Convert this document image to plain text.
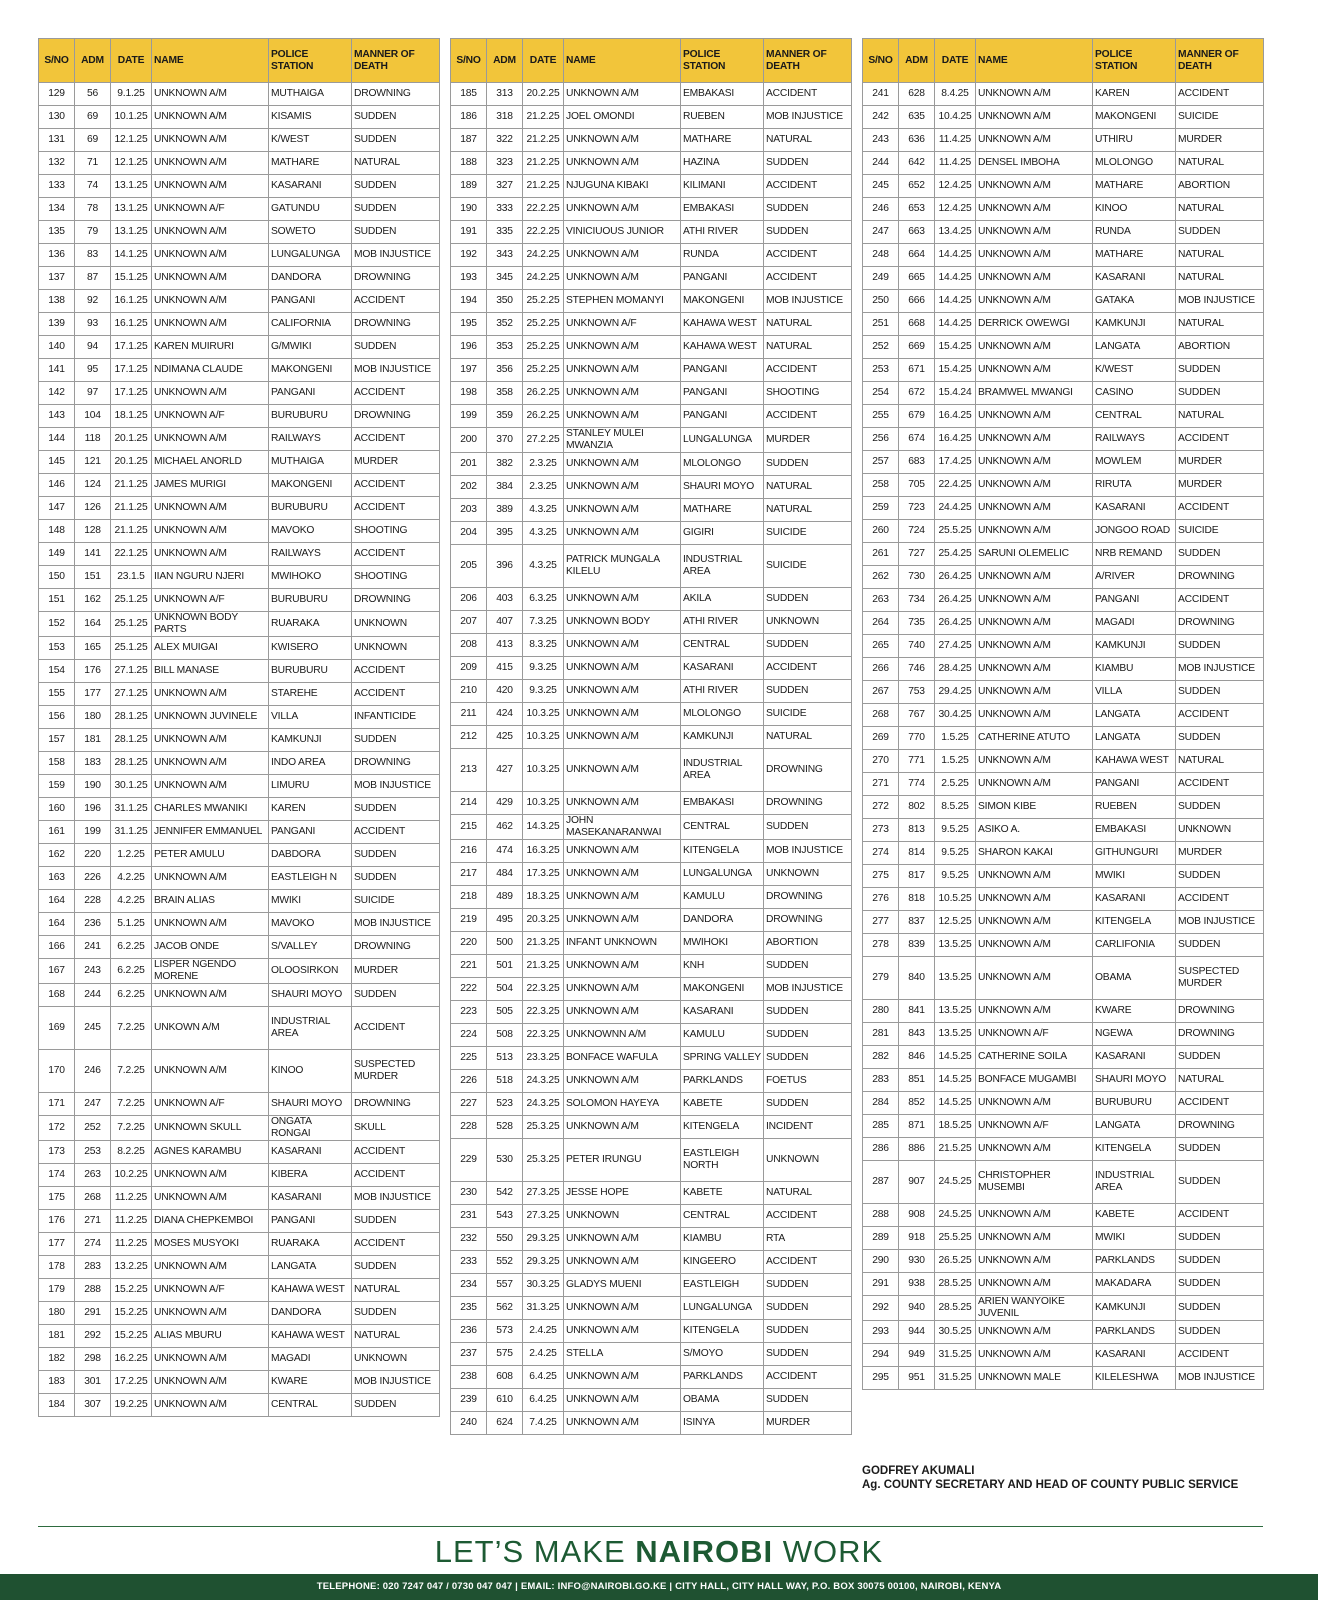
S/NO	ADM	DATE	NAME	POLICE STATION	MANNER OF DEATH
129	56	9.1.25	UNKNOWN A/M	MUTHAIGA	DROWNING
130	69	10.1.25	UNKNOWN A/M	KISAMIS	SUDDEN
131	69	12.1.25	UNKNOWN A/M	K/WEST	SUDDEN
132	71	12.1.25	UNKNOWN A/M	MATHARE	NATURAL
133	74	13.1.25	UNKNOWN A/M	KASARANI	SUDDEN
134	78	13.1.25	UNKNOWN A/F	GATUNDU	SUDDEN
135	79	13.1.25	UNKNOWN A/M	SOWETO	SUDDEN
136	83	14.1.25	UNKNOWN A/M	LUNGALUNGA	MOB INJUSTICE
137	87	15.1.25	UNKNOWN A/M	DANDORA	DROWNING
138	92	16.1.25	UNKNOWN A/M	PANGANI	ACCIDENT
139	93	16.1.25	UNKNOWN A/M	CALIFORNIA	DROWNING
140	94	17.1.25	KAREN MUIRURI	G/MWIKI	SUDDEN
141	95	17.1.25	NDIMANA CLAUDE	MAKONGENI	MOB INJUSTICE
142	97	17.1.25	UNKNOWN A/M	PANGANI	ACCIDENT
143	104	18.1.25	UNKNOWN A/F	BURUBURU	DROWNING
144	118	20.1.25	UNKNOWN A/M	RAILWAYS	ACCIDENT
145	121	20.1.25	MICHAEL ANORLD	MUTHAIGA	MURDER
146	124	21.1.25	JAMES MURIGI	MAKONGENI	ACCIDENT
147	126	21.1.25	UNKNOWN A/M	BURUBURU	ACCIDENT
148	128	21.1.25	UNKNOWN A/M	MAVOKO	SHOOTING
149	141	22.1.25	UNKNOWN A/M	RAILWAYS	ACCIDENT
150	151	23.1.5	IIAN NGURU NJERI	MWIHOKO	SHOOTING
151	162	25.1.25	UNKNOWN A/F	BURUBURU	DROWNING
152	164	25.1.25	UNKNOWN BODY PARTS	RUARAKA	UNKNOWN
153	165	25.1.25	ALEX MUIGAI	KWISERO	UNKNOWN
154	176	27.1.25	BILL MANASE	BURUBURU	ACCIDENT
155	177	27.1.25	UNKNOWN A/M	STAREHE	ACCIDENT
156	180	28.1.25	UNKNOWN JUVINELE	VILLA	INFANTICIDE
157	181	28.1.25	UNKNOWN A/M	KAMKUNJI	SUDDEN
158	183	28.1.25	UNKNOWN A/M	INDO AREA	DROWNING
159	190	30.1.25	UNKNOWN A/M	LIMURU	MOB INJUSTICE
160	196	31.1.25	CHARLES MWANIKI	KAREN	SUDDEN
161	199	31.1.25	JENNIFER EMMANUEL	PANGANI	ACCIDENT
162	220	1.2.25	PETER AMULU	DABDORA	SUDDEN
163	226	4.2.25	UNKNOWN A/M	EASTLEIGH N	SUDDEN
164	228	4.2.25	BRAIN ALIAS	MWIKI	SUICIDE
164	236	5.1.25	UNKNOWN A/M	MAVOKO	MOB INJUSTICE
166	241	6.2.25	JACOB ONDE	S/VALLEY	DROWNING
167	243	6.2.25	LISPER NGENDO MORENE	OLOOSIRKON	MURDER
168	244	6.2.25	UNKNOWN A/M	SHAURI MOYO	SUDDEN
169	245	7.2.25	UNKOWN A/M	INDUSTRIAL AREA	ACCIDENT
170	246	7.2.25	UNKNOWN A/M	KINOO	SUSPECTED MURDER
171	247	7.2.25	UNKNOWN A/F	SHAURI MOYO	DROWNING
172	252	7.2.25	UNKNOWN SKULL	ONGATA RONGAI	SKULL
173	253	8.2.25	AGNES KARAMBU	KASARANI	ACCIDENT
174	263	10.2.25	UNKNOWN A/M	KIBERA	ACCIDENT
175	268	11.2.25	UNKNOWN A/M	KASARANI	MOB INJUSTICE
176	271	11.2.25	DIANA CHEPKEMBOI	PANGANI	SUDDEN
177	274	11.2.25	MOSES MUSYOKI	RUARAKA	ACCIDENT
178	283	13.2.25	UNKNOWN A/M	LANGATA	SUDDEN
179	288	15.2.25	UNKNOWN A/F	KAHAWA WEST	NATURAL
180	291	15.2.25	UNKNOWN A/M	DANDORA	SUDDEN
181	292	15.2.25	ALIAS MBURU	KAHAWA WEST	NATURAL
182	298	16.2.25	UNKNOWN A/M	MAGADI	UNKNOWN
183	301	17.2.25	UNKNOWN A/M	KWARE	MOB INJUSTICE
184	307	19.2.25	UNKNOWN A/M	CENTRAL	SUDDEN
S/NO	ADM	DATE	NAME	POLICE STATION	MANNER OF DEATH
185	313	20.2.25	UNKNOWN A/M	EMBAKASI	ACCIDENT
186	318	21.2.25	JOEL OMONDI	RUEBEN	MOB INJUSTICE
187	322	21.2.25	UNKNOWN A/M	MATHARE	NATURAL
188	323	21.2.25	UNKNOWN A/M	HAZINA	SUDDEN
189	327	21.2.25	NJUGUNA KIBAKI	KILIMANI	ACCIDENT
190	333	22.2.25	UNKNOWN A/M	EMBAKASI	SUDDEN
191	335	22.2.25	VINICIUOUS JUNIOR	ATHI RIVER	SUDDEN
192	343	24.2.25	UNKNOWN A/M	RUNDA	ACCIDENT
193	345	24.2.25	UNKNOWN A/M	PANGANI	ACCIDENT
194	350	25.2.25	STEPHEN MOMANYI	MAKONGENI	MOB INJUSTICE
195	352	25.2.25	UNKNOWN A/F	KAHAWA WEST	NATURAL
196	353	25.2.25	UNKNOWN A/M	KAHAWA WEST	NATURAL
197	356	25.2.25	UNKNOWN A/M	PANGANI	ACCIDENT
198	358	26.2.25	UNKNOWN A/M	PANGANI	SHOOTING
199	359	26.2.25	UNKNOWN A/M	PANGANI	ACCIDENT
200	370	27.2.25	STANLEY MULEI MWANZIA	LUNGALUNGA	MURDER
201	382	2.3.25	UNKNOWN A/M	MLOLONGO	SUDDEN
202	384	2.3.25	UNKNOWN A/M	SHAURI MOYO	NATURAL
203	389	4.3.25	UNKNOWN A/M	MATHARE	NATURAL
204	395	4.3.25	UNKNOWN A/M	GIGIRI	SUICIDE
205	396	4.3.25	PATRICK MUNGALA KILELU	INDUSTRIAL AREA	SUICIDE
206	403	6.3.25	UNKNOWN A/M	AKILA	SUDDEN
207	407	7.3.25	UNKNOWN BODY	ATHI RIVER	UNKNOWN
208	413	8.3.25	UNKNOWN A/M	CENTRAL	SUDDEN
209	415	9.3.25	UNKNOWN A/M	KASARANI	ACCIDENT
210	420	9.3.25	UNKNOWN A/M	ATHI RIVER	SUDDEN
211	424	10.3.25	UNKNOWN A/M	MLOLONGO	SUICIDE
212	425	10.3.25	UNKNOWN A/M	KAMKUNJI	NATURAL
213	427	10.3.25	UNKNOWN A/M	INDUSTRIAL AREA	DROWNING
214	429	10.3.25	UNKNOWN A/M	EMBAKASI	DROWNING
215	462	14.3.25	JOHN MASEKANARANWAI	CENTRAL	SUDDEN
216	474	16.3.25	UNKNOWN A/M	KITENGELA	MOB INJUSTICE
217	484	17.3.25	UNKNOWN A/M	LUNGALUNGA	UNKNOWN
218	489	18.3.25	UNKNOWN A/M	KAMULU	DROWNING
219	495	20.3.25	UNKNOWN A/M	DANDORA	DROWNING
220	500	21.3.25	INFANT UNKNOWN	MWIHOKI	ABORTION
221	501	21.3.25	UNKNOWN A/M	KNH	SUDDEN
222	504	22.3.25	UNKNOWN A/M	MAKONGENI	MOB INJUSTICE
223	505	22.3.25	UNKNOWN A/M	KASARANI	SUDDEN
224	508	22.3.25	UNKNOWNN A/M	KAMULU	SUDDEN
225	513	23.3.25	BONFACE WAFULA	SPRING VALLEY	SUDDEN
226	518	24.3.25	UNKNOWN A/M	PARKLANDS	FOETUS
227	523	24.3.25	SOLOMON HAYEYA	KABETE	SUDDEN
228	528	25.3.25	UNKNOWN A/M	KITENGELA	INCIDENT
229	530	25.3.25	PETER IRUNGU	EASTLEIGH NORTH	UNKNOWN
230	542	27.3.25	JESSE HOPE	KABETE	NATURAL
231	543	27.3.25	UNKNOWN	CENTRAL	ACCIDENT
232	550	29.3.25	UNKNOWN A/M	KIAMBU	RTA
233	552	29.3.25	UNKNOWN A/M	KINGEERO	ACCIDENT
234	557	30.3.25	GLADYS MUENI	EASTLEIGH	SUDDEN
235	562	31.3.25	UNKNOWN A/M	LUNGALUNGA	SUDDEN
236	573	2.4.25	UNKNOWN A/M	KITENGELA	SUDDEN
237	575	2.4.25	STELLA	S/MOYO	SUDDEN
238	608	6.4.25	UNKNOWN A/M	PARKLANDS	ACCIDENT
239	610	6.4.25	UNKNOWN A/M	OBAMA	SUDDEN
240	624	7.4.25	UNKNOWN A/M	ISINYA	MURDER
S/NO	ADM	DATE	NAME	POLICE STATION	MANNER OF DEATH
241	628	8.4.25	UNKNOWN A/M	KAREN	ACCIDENT
242	635	10.4.25	UNKNOWN A/M	MAKONGENI	SUICIDE
243	636	11.4.25	UNKNOWN A/M	UTHIRU	MURDER
244	642	11.4.25	DENSEL IMBOHA	MLOLONGO	NATURAL
245	652	12.4.25	UNKNOWN A/M	MATHARE	ABORTION
246	653	12.4.25	UNKNOWN A/M	KINOO	NATURAL
247	663	13.4.25	UNKNOWN A/M	RUNDA	SUDDEN
248	664	14.4.25	UNKNOWN A/M	MATHARE	NATURAL
249	665	14.4.25	UNKNOWN A/M	KASARANI	NATURAL
250	666	14.4.25	UNKNOWN A/M	GATAKA	MOB INJUSTICE
251	668	14.4.25	DERRICK OWEWGI	KAMKUNJI	NATURAL
252	669	15.4.25	UNKNOWN A/M	LANGATA	ABORTION
253	671	15.4.25	UNKNOWN A/M	K/WEST	SUDDEN
254	672	15.4.24	BRAMWEL MWANGI	CASINO	SUDDEN
255	679	16.4.25	UNKNOWN A/M	CENTRAL	NATURAL
256	674	16.4.25	UNKNOWN A/M	RAILWAYS	ACCIDENT
257	683	17.4.25	UNKNOWN A/M	MOWLEM	MURDER
258	705	22.4.25	UNKNOWN A/M	RIRUTA	MURDER
259	723	24.4.25	UNKNOWN A/M	KASARANI	ACCIDENT
260	724	25.5.25	UNKNOWN A/M	JONGOO ROAD	SUICIDE
261	727	25.4.25	SARUNI OLEMELIC	NRB REMAND	SUDDEN
262	730	26.4.25	UNKNOWN A/M	A/RIVER	DROWNING
263	734	26.4.25	UNKNOWN A/M	PANGANI	ACCIDENT
264	735	26.4.25	UNKNOWN A/M	MAGADI	DROWNING
265	740	27.4.25	UNKNOWN A/M	KAMKUNJI	SUDDEN
266	746	28.4.25	UNKNOWN A/M	KIAMBU	MOB INJUSTICE
267	753	29.4.25	UNKNOWN A/M	VILLA	SUDDEN
268	767	30.4.25	UNKNOWN A/M	LANGATA	ACCIDENT
269	770	1.5.25	CATHERINE ATUTO	LANGATA	SUDDEN
270	771	1.5.25	UNKNOWN A/M	KAHAWA WEST	NATURAL
271	774	2.5.25	UNKNOWN A/M	PANGANI	ACCIDENT
272	802	8.5.25	SIMON KIBE	RUEBEN	SUDDEN
273	813	9.5.25	ASIKO A.	EMBAKASI	UNKNOWN
274	814	9.5.25	SHARON KAKAI	GITHUNGURI	MURDER
275	817	9.5.25	UNKNOWN A/M	MWIKI	SUDDEN
276	818	10.5.25	UNKNOWN A/M	KASARANI	ACCIDENT
277	837	12.5.25	UNKNOWN A/M	KITENGELA	MOB INJUSTICE
278	839	13.5.25	UNKNOWN A/M	CARLIFONIA	SUDDEN
279	840	13.5.25	UNKNOWN A/M	OBAMA	SUSPECTED MURDER
280	841	13.5.25	UNKNOWN A/M	KWARE	DROWNING
281	843	13.5.25	UNKNOWN A/F	NGEWA	DROWNING
282	846	14.5.25	CATHERINE SOILA	KASARANI	SUDDEN
283	851	14.5.25	BONFACE MUGAMBI	SHAURI MOYO	NATURAL
284	852	14.5.25	UNKNOWN A/M	BURUBURU	ACCIDENT
285	871	18.5.25	UNKNOWN A/F	LANGATA	DROWNING
286	886	21.5.25	UNKNOWN A/M	KITENGELA	SUDDEN
287	907	24.5.25	CHRISTOPHER MUSEMBI	INDUSTRIAL AREA	SUDDEN
288	908	24.5.25	UNKNOWN A/M	KABETE	ACCIDENT
289	918	25.5.25	UNKNOWN A/M	MWIKI	SUDDEN
290	930	26.5.25	UNKNOWN A/M	PARKLANDS	SUDDEN
291	938	28.5.25	UNKNOWN A/M	MAKADARA	SUDDEN
292	940	28.5.25	ARIEN WANYOIKE JUVENIL	KAMKUNJI	SUDDEN
293	944	30.5.25	UNKNOWN A/M	PARKLANDS	SUDDEN
294	949	31.5.25	UNKNOWN A/M	KASARANI	ACCIDENT
295	951	31.5.25	UNKNOWN MALE	KILELESHWA	MOB INJUSTICE
GODFREY AKUMALI
Ag. COUNTY SECRETARY AND HEAD OF COUNTY PUBLIC SERVICE
LET’S MAKE NAIROBI WORK
TELEPHONE: 020 7247 047 / 0730 047 047 | EMAIL: INFO@NAIROBI.GO.KE | CITY HALL, CITY HALL WAY, P.O. BOX 30075 00100, NAIROBI, KENYA
